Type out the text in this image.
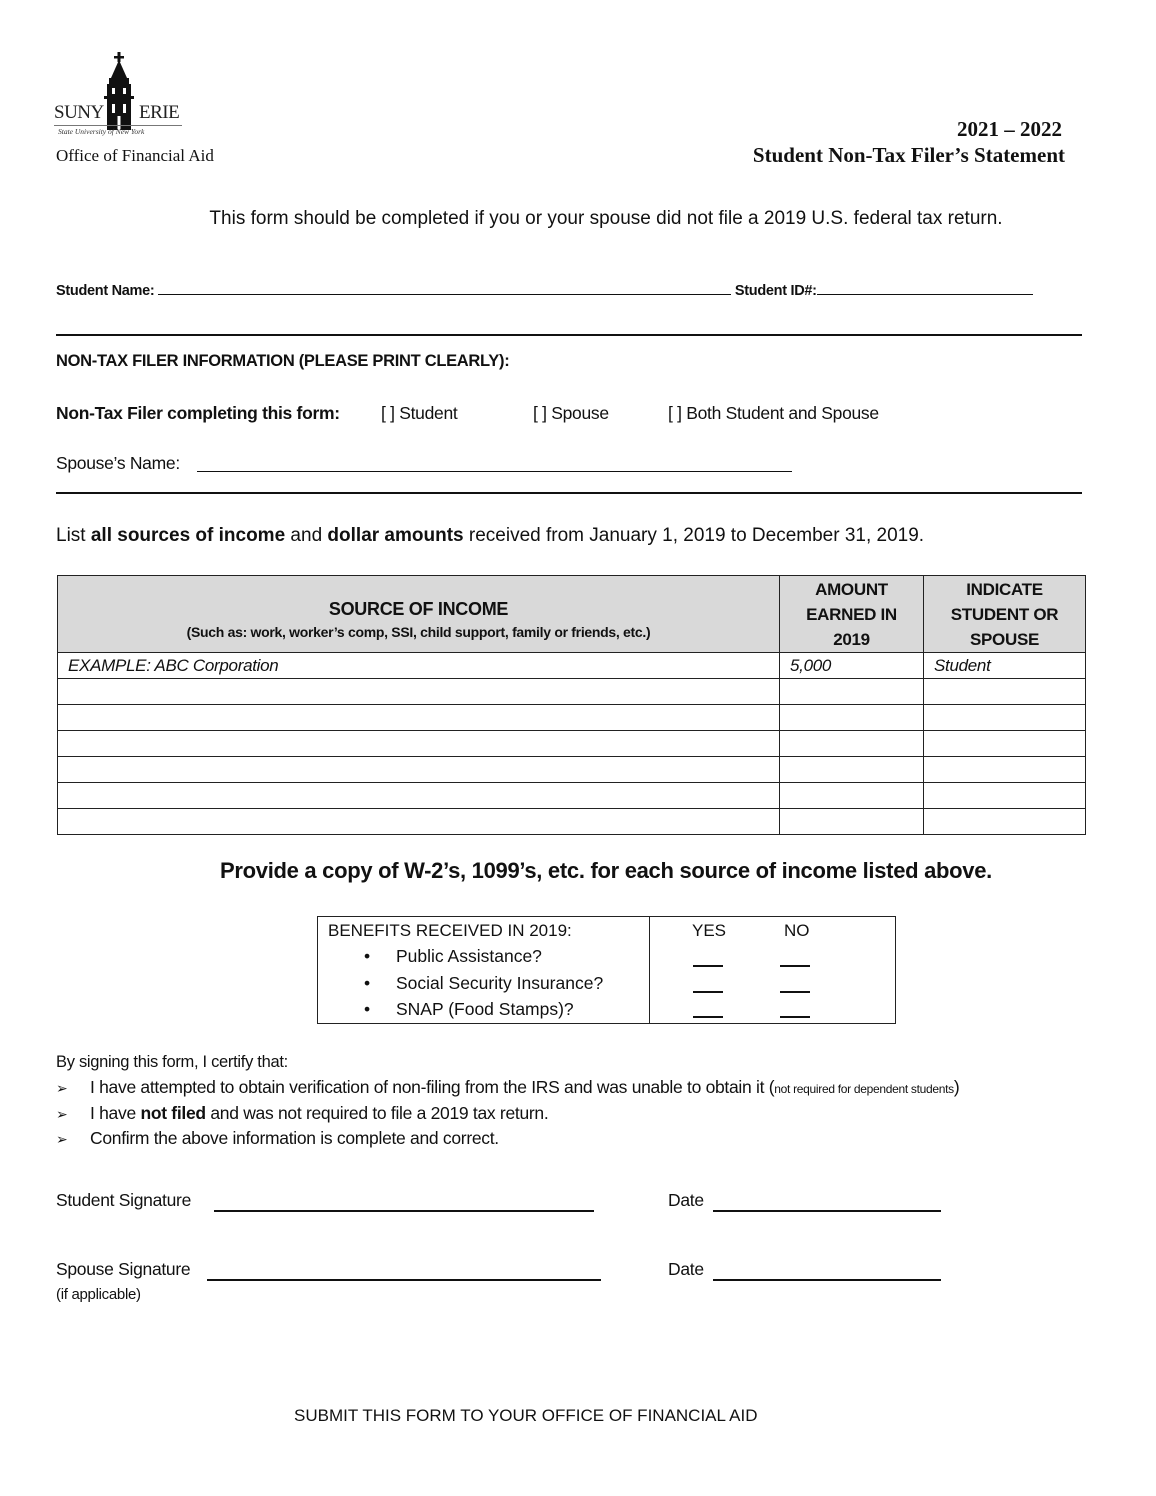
SUNY ERIE
State University of New York
Office of Financial Aid
2021 – 2022
Student Non-Tax Filer’s Statement
This form should be completed if you or your spouse did not file a 2019 U.S. federal tax return.
Student Name:	Student ID#:
NON-TAX FILER INFORMATION (PLEASE PRINT CLEARLY):
Non-Tax Filer completing this form: [ ] Student	[ ] Spouse	[ ] Both Student and Spouse
Spouse’s Name:
List all sources of income and dollar amounts received from January 1, 2019 to December 31, 2019.
SOURCE OF INCOME
(Such as: work, worker’s comp, SSI, child support, family or friends, etc.)

AMOUNT
EARNED IN
2019

INDICATE
STUDENT OR
SPOUSE

EXAMPLE: ABC Corporation	5,000	Student

Provide a copy of W-2’s, 1099’s, etc. for each source of income listed above.
BENEFITS RECEIVED IN 2019:	YES	NO
• Public Assistance?
• Social Security Insurance?
• SNAP (Food Stamps)?
By signing this form, I certify that:
➢ I have attempted to obtain verification of non-filing from the IRS and was unable to obtain it (not required for dependent students)
➢ I have not filed and was not required to file a 2019 tax return.
➢ Confirm the above information is complete and correct.
Student Signature	Date
Spouse Signature	Date
(if applicable)
SUBMIT THIS FORM TO YOUR OFFICE OF FINANCIAL AID
